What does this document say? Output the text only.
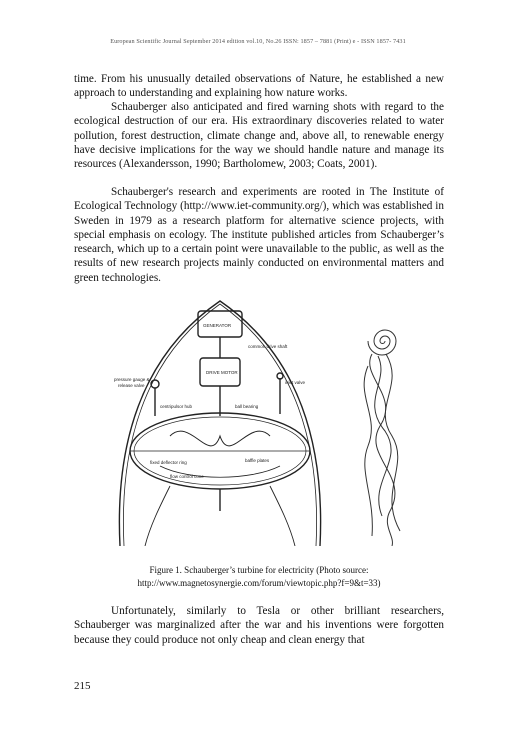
European Scientific Journal September 2014 edition vol.10, No.26 ISSN: 1857 – 7881 (Print) e - ISSN 1857- 7431

time. From his unusually detailed observations of Nature, he established a new approach to understanding and explaining how nature works.

Schauberger also anticipated and fired warning shots with regard to the ecological destruction of our era. His extraordinary discoveries related to water pollution, forest destruction, climate change and, above all, to renewable energy have decisive implications for the way we should handle nature and manage its resources (Alexandersson, 1990; Bartholomew, 2003; Coats, 2001).

Schauberger's research and experiments are rooted in The Institute of Ecological Technology (http://www.iet-community.org/), which was established in Sweden in 1979 as a research platform for alternative science projects, with special emphasis on ecology. The institute published articles from Schauberger’s research, which up to a certain point were unavailable to the public, as well as the results of new research projects mainly conducted on environmental matters and green technologies.

GENERATOR
common drive shaft
DRIVE MOTOR
pressure gauge &
release valve
inlet valve
centripulsor hub	ball bearing
fixed deflector ring	baffle plates
flow control cone
Figure 1. Schauberger’s turbine for electricity (Photo source:
http://www.magnetosynergie.com/forum/viewtopic.php?f=9&t=33)

Unfortunately, similarly to Tesla or other brilliant researchers, Schauberger was marginalized after the war and his inventions were forgotten because they could produce not only cheap and clean energy that

215
